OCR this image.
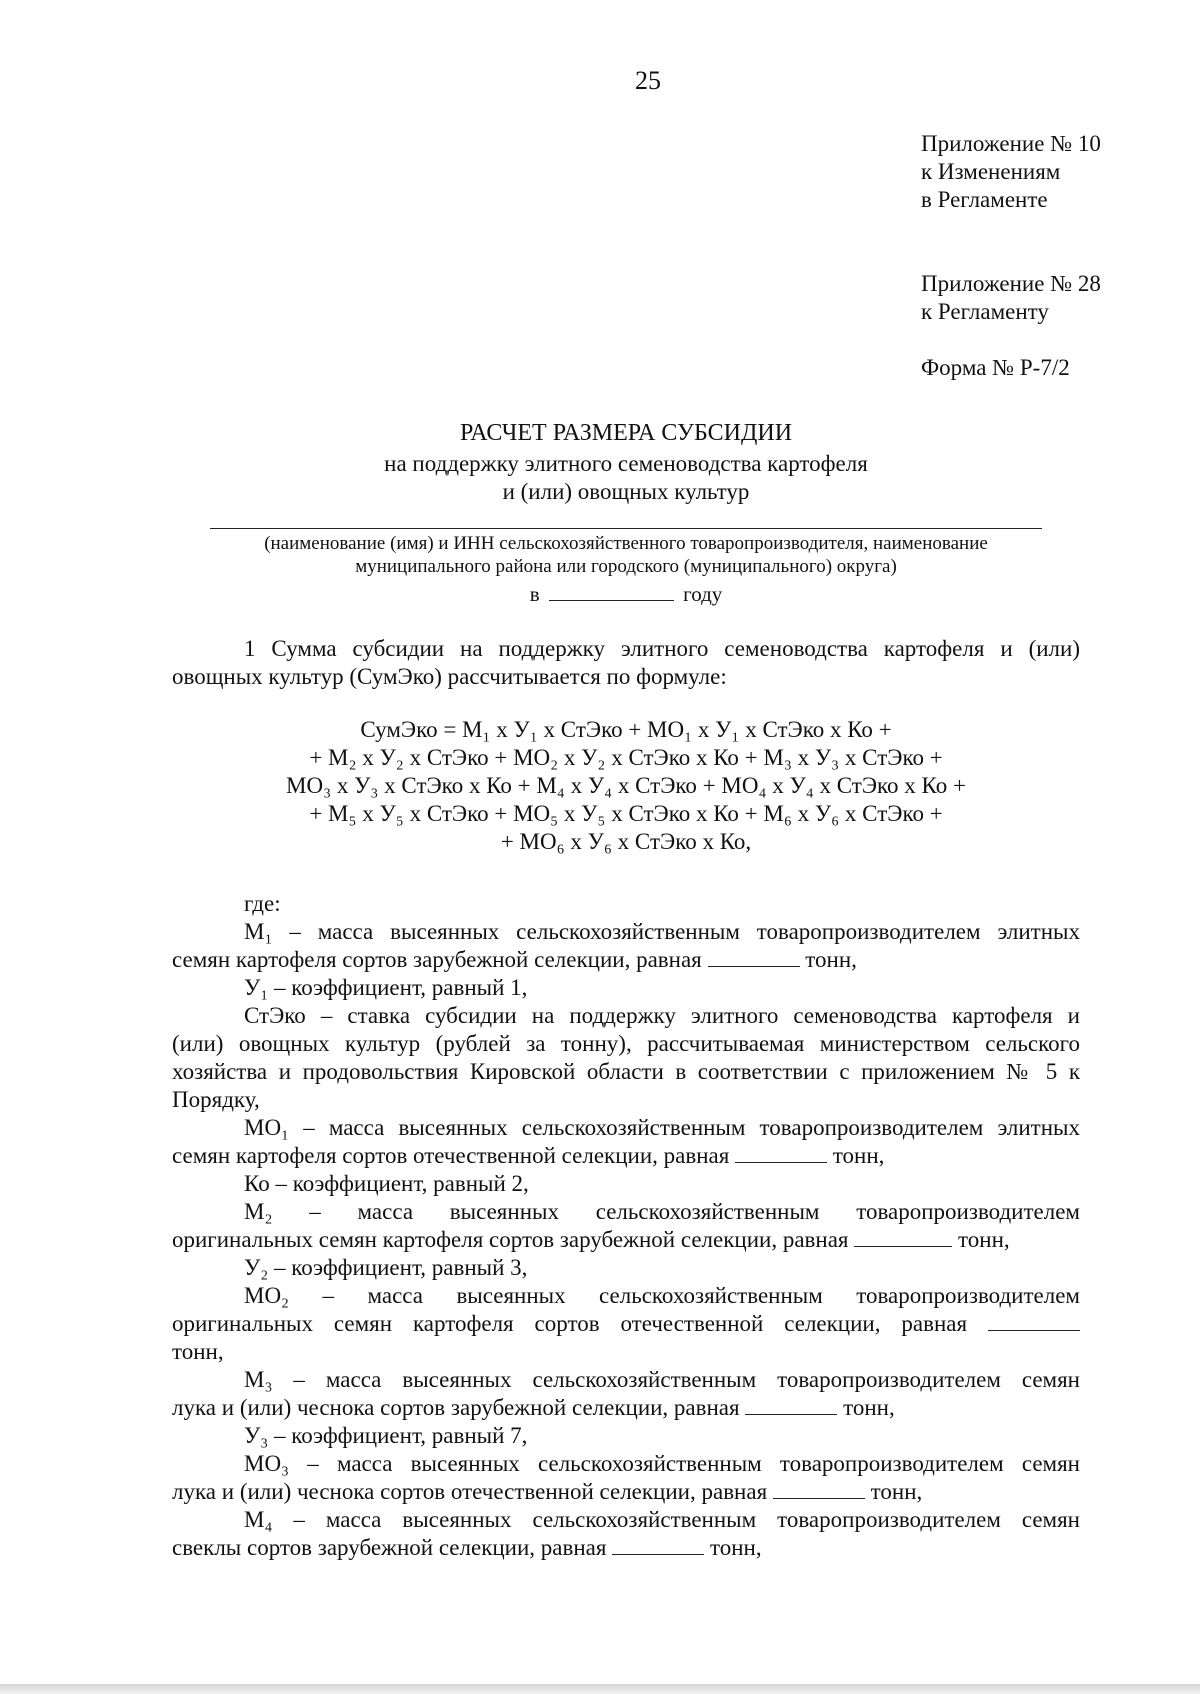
25
Приложение № 10
к Изменениям
в Регламенте
Приложение № 28
к Регламенту
Форма № Р-7/2
РАСЧЕТ РАЗМЕРА СУБСИДИИ
на поддержку элитного семеноводства картофеля
и (или) овощных культур
(наименование (имя) и ИНН сельскохозяйственного товаропроизводителя, наименование
муниципального района или городского (муниципального) округа)
в	году
1 Сумма субсидии на поддержку элитного семеноводства картофеля и (или)
овощных культур (СумЭко) рассчитывается по формуле:
СумЭко = М₁ х У₁ х СтЭко + МО₁ х У₁ х СтЭко х Ко +
+ М₂ х У₂ х СтЭко + МО₂ х У₂ х СтЭко х Ко + М₃ х У₃ х СтЭко +
МО₃ х У₃ х СтЭко х Ко + М₄ х У₄ х СтЭко + МО₄ х У₄ х СтЭко х Ко +
+ М₅ х У₅ х СтЭко + МО₅ х У₅ х СтЭко х Ко + М₆ х У₆ х СтЭко +
+ МО₆ х У₆ х СтЭко х Ко,
где:
М₁ – масса высеянных сельскохозяйственным товаропроизводителем элитных
семян картофеля сортов зарубежной селекции, равная	тонн,
У₁ – коэффициент, равный 1,
СтЭко – ставка субсидии на поддержку элитного семеноводства картофеля и
(или) овощных культур (рублей за тонну), рассчитываемая министерством сельского
хозяйства и продовольствия Кировской области в соответствии с приложением № 5 к
Порядку,
МО₁ – масса высеянных сельскохозяйственным товаропроизводителем элитных
семян картофеля сортов отечественной селекции, равная	тонн,
Ко – коэффициент, равный 2,
М₂ – масса высеянных сельскохозяйственным товаропроизводителем
оригинальных семян картофеля сортов зарубежной селекции, равная	тонн,
У₂ – коэффициент, равный 3,
МО₂ – масса высеянных сельскохозяйственным товаропроизводителем
оригинальных семян картофеля сортов отечественной селекции, равная
тонн,
М₃ – масса высеянных сельскохозяйственным товаропроизводителем семян
лука и (или) чеснока сортов зарубежной селекции, равная	тонн,
У₃ – коэффициент, равный 7,
МО₃ – масса высеянных сельскохозяйственным товаропроизводителем семян
лука и (или) чеснока сортов отечественной селекции, равная	тонн,
М₄ – масса высеянных сельскохозяйственным товаропроизводителем семян
свеклы сортов зарубежной селекции, равная	тонн,
